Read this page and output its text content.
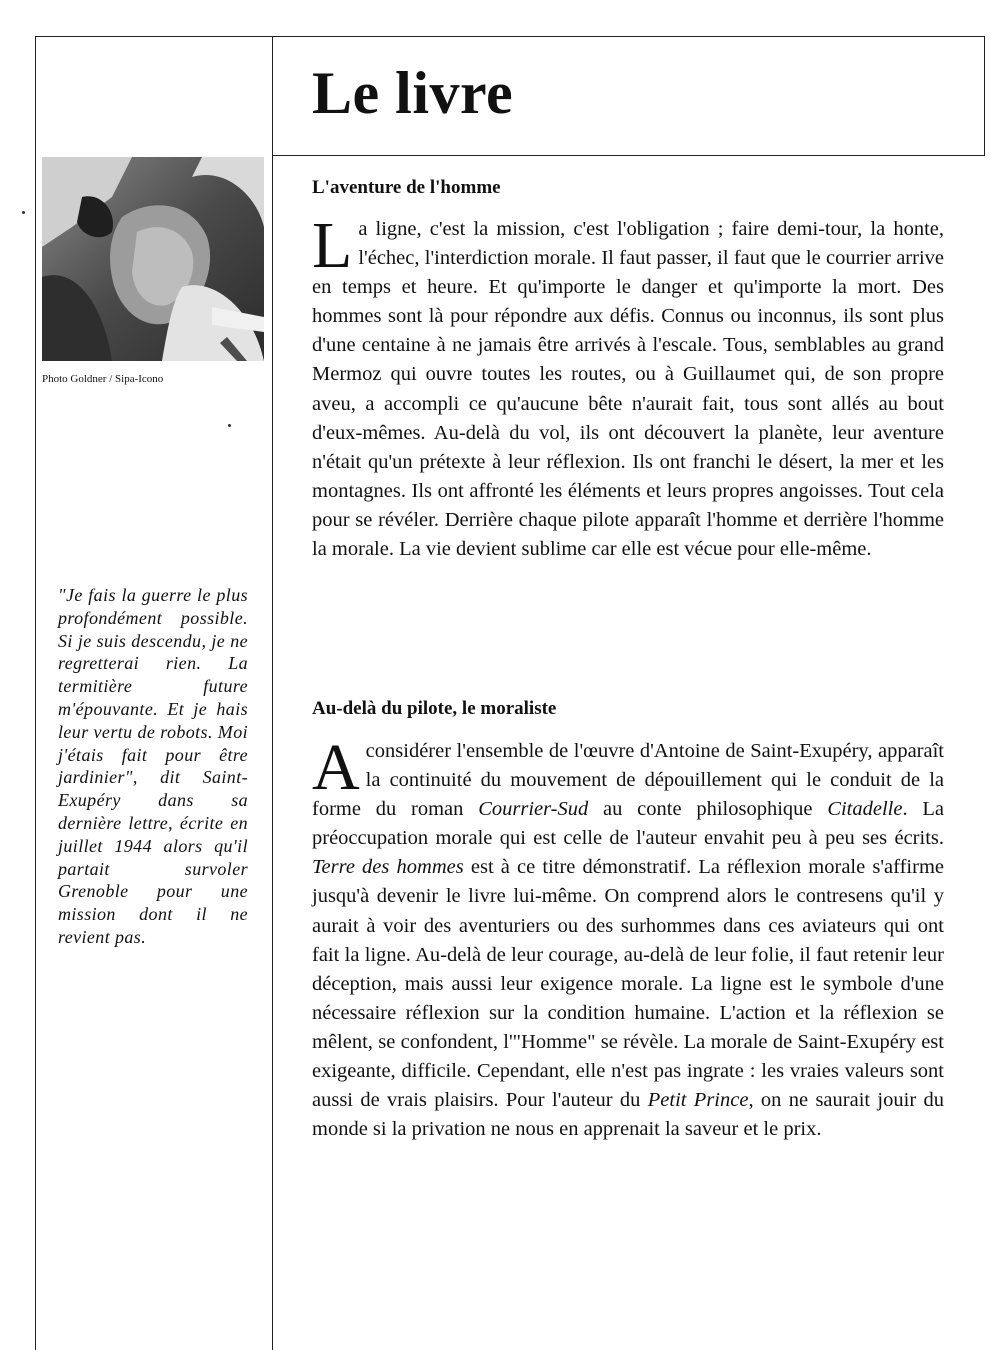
Le livre

Photo Goldner / Sipa-Icono

"Je fais la guerre le plus profondément possible. Si je suis descendu, je ne regretterai rien. La termitière future m'épouvante. Et je hais leur vertu de robots. Moi j'étais fait pour être jardinier", dit Saint-Exupéry dans sa dernière lettre, écrite en juillet 1944 alors qu'il partait survoler Grenoble pour une mission dont il ne revient pas.

L'aventure de l'homme

La ligne, c'est la mission, c'est l'obligation ; faire demi-tour, la honte, l'échec, l'interdiction morale. Il faut passer, il faut que le courrier arrive en temps et heure. Et qu'importe le danger et qu'importe la mort. Des hommes sont là pour répondre aux défis. Connus ou inconnus, ils sont plus d'une centaine à ne jamais être arrivés à l'escale. Tous, semblables au grand Mermoz qui ouvre toutes les routes, ou à Guillaumet qui, de son propre aveu, a accompli ce qu'aucune bête n'aurait fait, tous sont allés au bout d'eux-mêmes. Au-delà du vol, ils ont découvert la planète, leur aventure n'était qu'un prétexte à leur réflexion. Ils ont franchi le désert, la mer et les montagnes. Ils ont affronté les éléments et leurs propres angoisses. Tout cela pour se révéler. Derrière chaque pilote apparaît l'homme et derrière l'homme la morale. La vie devient sublime car elle est vécue pour elle-même.

Au-delà du pilote, le moraliste

Aconsidérer l'ensemble de l'œuvre d'Antoine de Saint-Exupéry, apparaît la continuité du mouvement de dépouillement qui le conduit de la forme du roman Courrier-Sud au conte philosophique Citadelle. La préoccupation morale qui est celle de l'auteur envahit peu à peu ses écrits. Terre des hommes est à ce titre démonstratif. La réflexion morale s'affirme jusqu'à devenir le livre lui-même. On comprend alors le contresens qu'il y aurait à voir des aventuriers ou des surhommes dans ces aviateurs qui ont fait la ligne. Au-delà de leur courage, au-delà de leur folie, il faut retenir leur déception, mais aussi leur exigence morale. La ligne est le symbole d'une nécessaire réflexion sur la condition humaine. L'action et la réflexion se mêlent, se confondent, l'"Homme" se révèle. La morale de Saint-Exupéry est exigeante, difficile. Cependant, elle n'est pas ingrate : les vraies valeurs sont aussi de vrais plaisirs. Pour l'auteur du Petit Prince, on ne saurait jouir du monde si la privation ne nous en apprenait la saveur et le prix.
